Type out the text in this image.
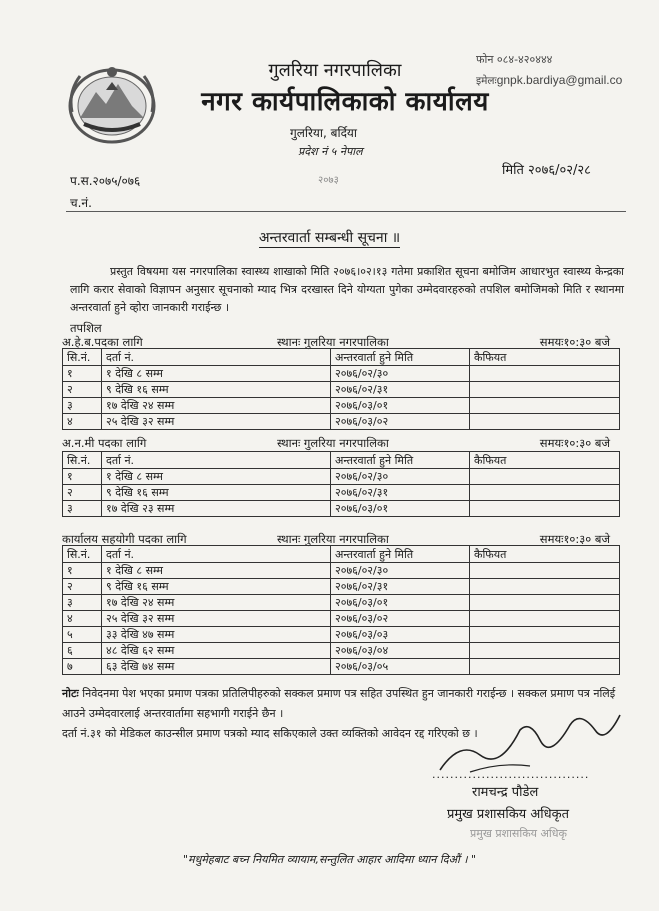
गुलरिया नगरपालिका
नगर कार्यपालिकाको कार्यालय
गुलरिया, बर्दिया
प्रदेश नं ५ नेपाल
२०७३
फोन ०८४-४२०४४४
इमेलःgnpk.bardiya@gmail.co
प.स.२०७५/०७६
च.नं.
मिति २०७६/०२/२८
अन्तरवार्ता सम्बन्धी सूचना ॥
प्रस्तुत विषयमा यस नगरपालिका स्वास्थ्य शाखाको मिति २०७६।०२।१३ गतेमा प्रकाशित सूचना बमोजिम आधारभुत स्वास्थ्य केन्द्रका लागि करार सेवाको विज्ञापन अनुसार सूचनाको म्याद भित्र दरखास्त दिने योग्यता पुगेका उम्मेदवारहरुको तपशिल बमोजिमको मिति र स्थानमा अन्तरवार्ता हुने व्होरा जानकारी गराईन्छ ।
तपशिल
अ.हे.ब.पदका लागि	स्थानः गुलरिया नगरपालिका	समयः१०:३० बजे
सि.नं.	दर्ता नं.	अन्तरवार्ता हुने मिति	कैफियत
१	१ देखि ८ सम्म	२०७६/०२/३०	
२	९ देखि १६ सम्म	२०७६/०२/३१	
३	१७ देखि २४ सम्म	२०७६/०३/०१	
४	२५ देखि ३२ सम्म	२०७६/०३/०२	
अ.न.मी पदका लागि	स्थानः गुलरिया नगरपालिका	समयः१०:३० बजे
सि.नं.	दर्ता नं.	अन्तरवार्ता हुने मिति	कैफियत
१	१ देखि ८ सम्म	२०७६/०२/३०	
२	९ देखि १६ सम्म	२०७६/०२/३१	
३	१७ देखि २३ सम्म	२०७६/०३/०१	
कार्यालय सहयोगी पदका लागि	स्थानः गुलरिया नगरपालिका	समयः१०:३० बजे
सि.नं.	दर्ता नं.	अन्तरवार्ता हुने मिति	कैफियत
१	१ देखि ८ सम्म	२०७६/०२/३०	
२	९ देखि १६ सम्म	२०७६/०२/३१	
३	१७ देखि २४ सम्म	२०७६/०३/०१	
४	२५ देखि ३२ सम्म	२०७६/०३/०२	
५	३३ देखि ४७ सम्म	२०७६/०३/०३	
६	४८ देखि ६२ सम्म	२०७६/०३/०४	
७	६३ देखि ७४ सम्म	२०७६/०३/०५	
नोटः निवेदनमा पेश भएका प्रमाण पत्रका प्रतिलिपीहरुको सक्कल प्रमाण पत्र सहित उपस्थित हुन जानकारी गराईन्छ । सक्कल प्रमाण पत्र नलिई आउने उम्मेदवारलाई अन्तरवार्तामा सहभागी गराईने छैन ।
दर्ता नं.३१ को मेडिकल काउन्सील प्रमाण पत्रको म्याद सकिएकाले उक्त व्यक्तिको आवेदन रद्द गरिएको छ ।
...................................
रामचन्द्र पौडेल
प्रमुख प्रशासकिय अधिकृत
प्रमुख प्रशासकिय अधिकृ
"मधुमेहबाट बच्न नियमित व्यायाम,सन्तुलित आहार आदिमा ध्यान दिऔं । "
